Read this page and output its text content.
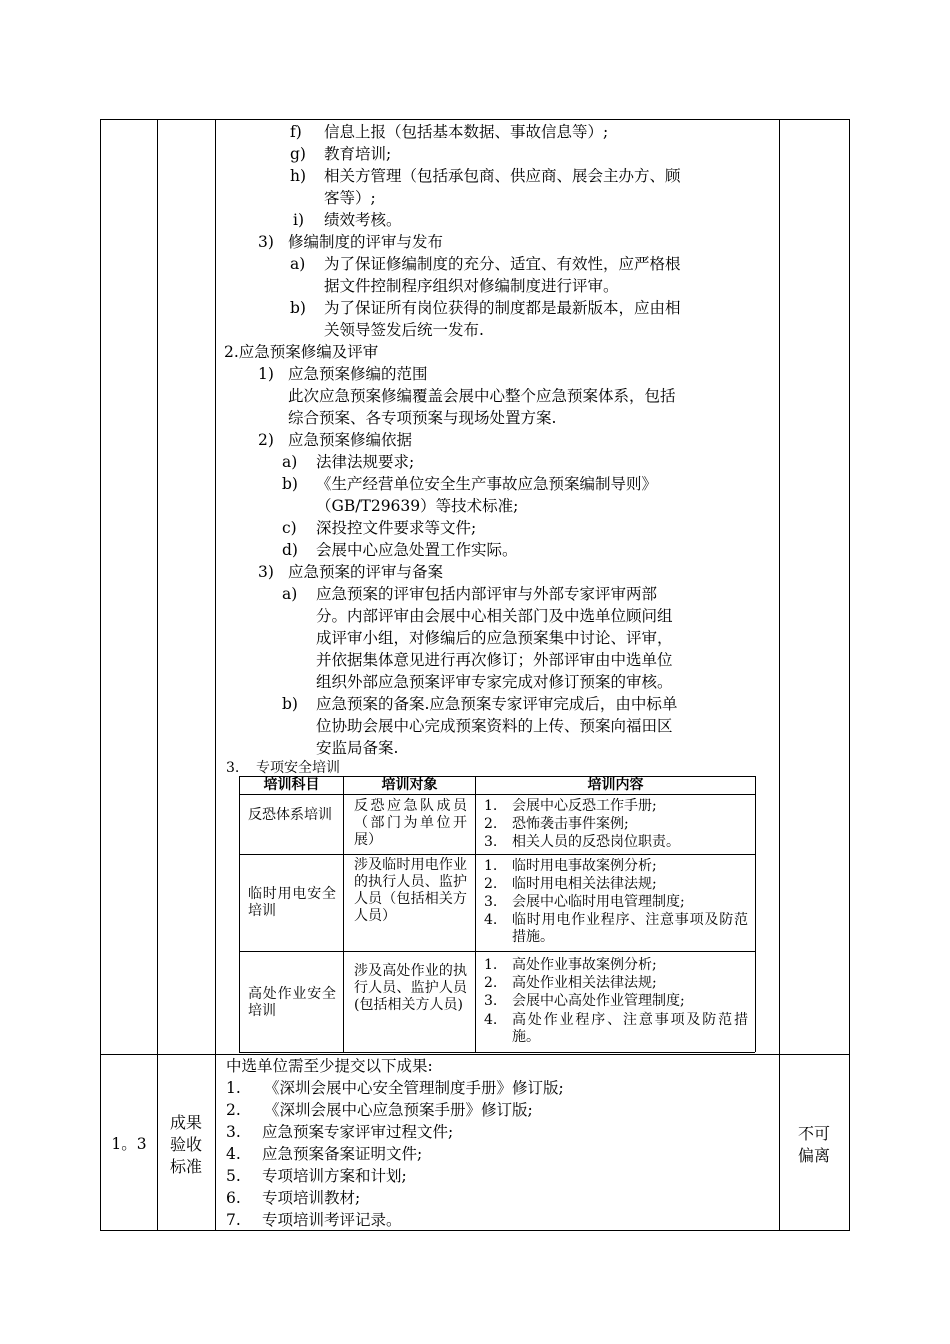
f) 信息上报（包括基本数据、事故信息等）;
g) 教育培训;
h) 相关方管理（包括承包商、供应商、展会主办方、顾
客等）;
i) 绩效考核。
3) 修编制度的评审与发布
a) 为了保证修编制度的充分、适宜、有效性，应严格根
据文件控制程序组织对修编制度进行评审。
b) 为了保证所有岗位获得的制度都是最新版本，应由相
关领导签发后统一发布.
2.应急预案修编及评审
1) 应急预案修编的范围
此次应急预案修编覆盖会展中心整个应急预案体系，包括
综合预案、各专项预案与现场处置方案.
2) 应急预案修编依据
a) 法律法规要求;
b) 《生产经营单位安全生产事故应急预案编制导则》
（GB/T29639）等技术标准;
c) 深投控文件要求等文件;
d) 会展中心应急处置工作实际。
3) 应急预案的评审与备案
a) 应急预案的评审包括内部评审与外部专家评审两部
分。内部评审由会展中心相关部门及中选单位顾问组
成评审小组，对修编后的应急预案集中讨论、评审，
并依据集体意见进行再次修订；外部评审由中选单位
组织外部应急预案评审专家完成对修订预案的审核。
b) 应急预案的备案.应急预案专家评审完成后，由中标单
位协助会展中心完成预案资料的上传、预案向福田区
安监局备案.
3. 专项安全培训
培训科目	培训对象	培训内容
反恐体系培训
反恐应急队成员（部门为单位开展）
1. 会展中心反恐工作手册;
2. 恐怖袭击事件案例;
3. 相关人员的反恐岗位职责。
临时用电安全培训
涉及临时用电作业的执行人员、监护人员（包括相关方人员）
1. 临时用电事故案例分析;
2. 临时用电相关法律法规;
3. 会展中心临时用电管理制度;
4. 临时用电作业程序、注意事项及防范措施。
高处作业安全培训
涉及高处作业的执行人员、监护人员(包括相关方人员)
1. 高处作业事故案例分析;
2. 高处作业相关法律法规;
3. 会展中心高处作业管理制度;
4. 高处作业程序、注意事项及防范措施。
1。3
成果验收标准
中选单位需至少提交以下成果:
1. 《深圳会展中心安全管理制度手册》修订版;
2. 《深圳会展中心应急预案手册》修订版;
3. 应急预案专家评审过程文件;
4. 应急预案备案证明文件;
5. 专项培训方案和计划;
6. 专项培训教材;
7. 专项培训考评记录。
不可偏离
